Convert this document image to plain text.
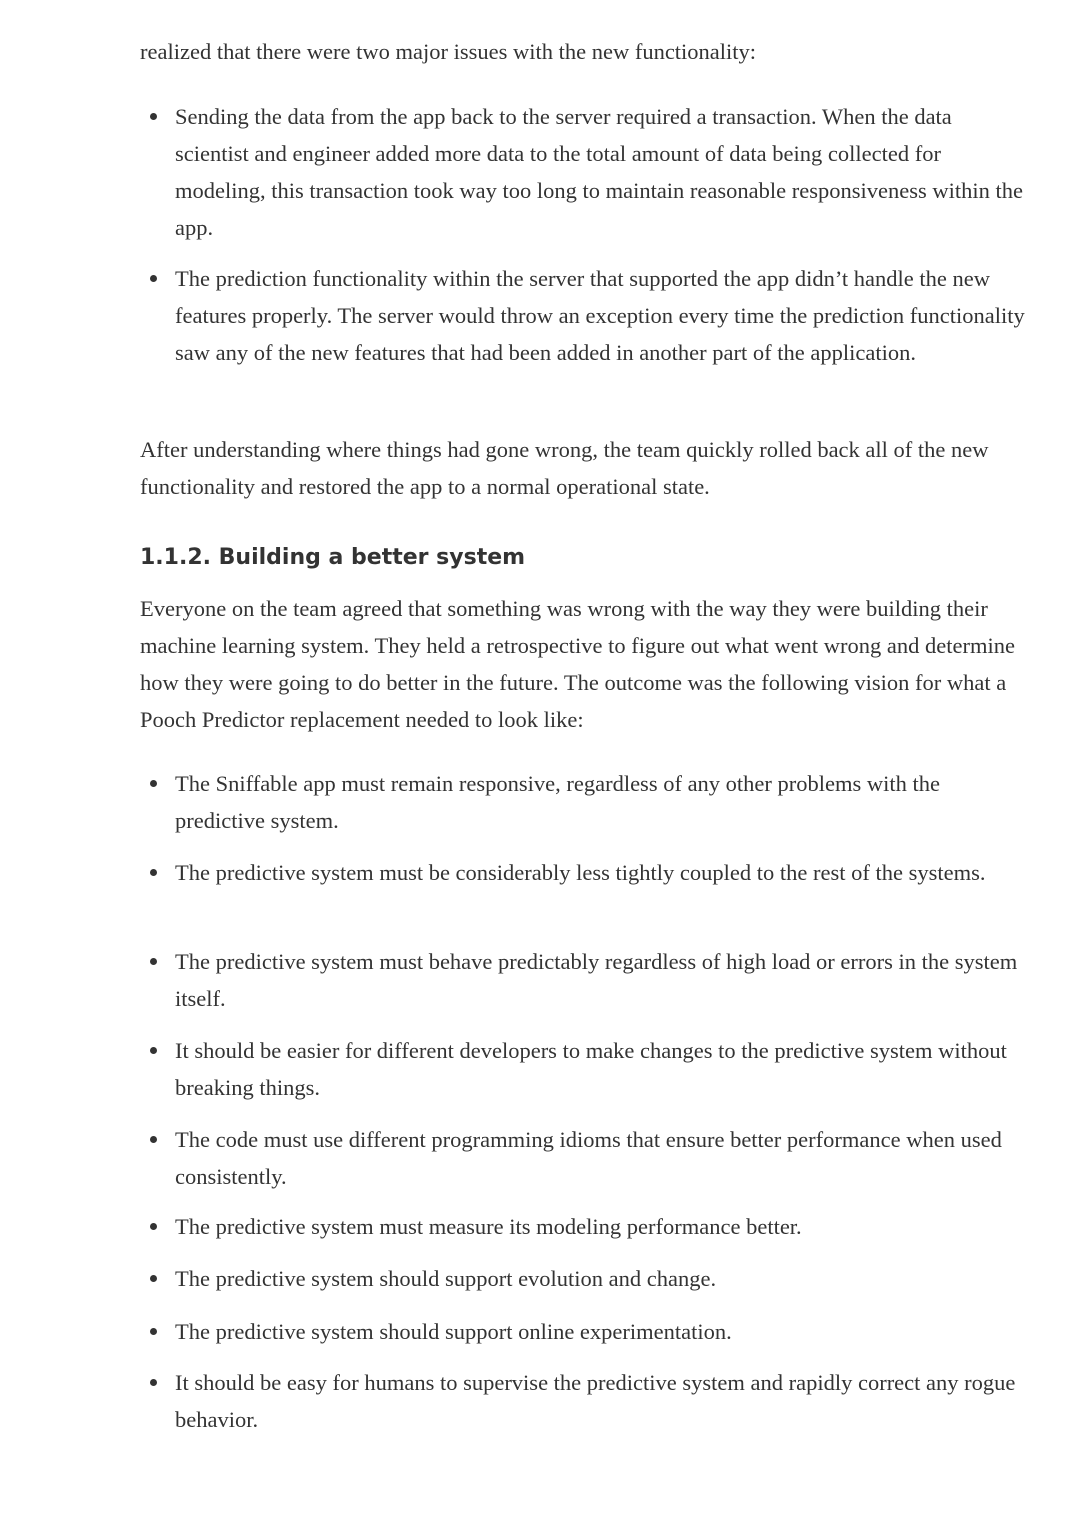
realized that there were two major issues with the new functionality:
Sending the data from the app back to the server required a transaction. When the data scientist and engineer added more data to the total amount of data being collected for modeling, this transaction took way too long to maintain reasonable responsiveness within the app.
The prediction functionality within the server that supported the app didn’t handle the new features properly. The server would throw an exception every time the prediction functionality saw any of the new features that had been added in another part of the application.
After understanding where things had gone wrong, the team quickly rolled back all of the new functionality and restored the app to a normal operational state.
1.1.2. Building a better system
Everyone on the team agreed that something was wrong with the way they were building their machine learning system. They held a retrospective to figure out what went wrong and determine how they were going to do better in the future. The outcome was the following vision for what a Pooch Predictor replacement needed to look like:
The Sniffable app must remain responsive, regardless of any other problems with the predictive system.
The predictive system must be considerably less tightly coupled to the rest of the systems.
The predictive system must behave predictably regardless of high load or errors in the system itself.
It should be easier for different developers to make changes to the predictive system without breaking things.
The code must use different programming idioms that ensure better performance when used consistently.
The predictive system must measure its modeling performance better.
The predictive system should support evolution and change.
The predictive system should support online experimentation.
It should be easy for humans to supervise the predictive system and rapidly correct any rogue behavior.
